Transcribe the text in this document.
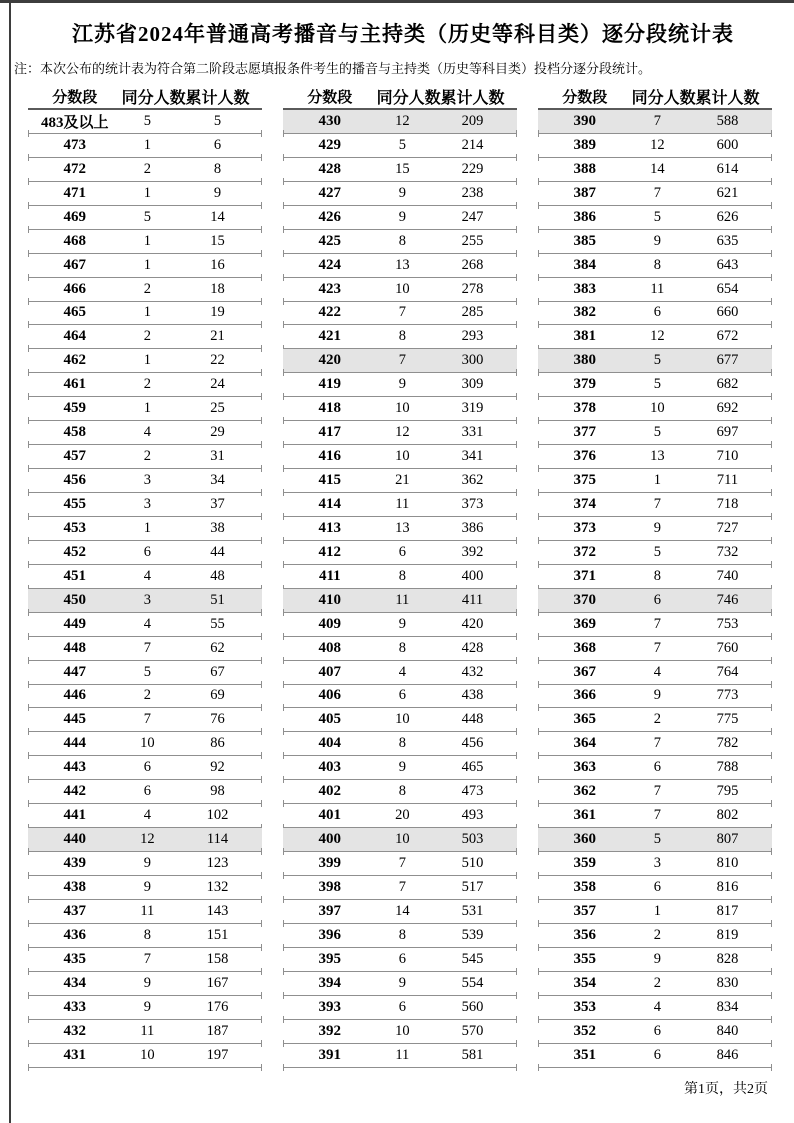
江苏省2024年普通高考播音与主持类（历史等科目类）逐分段统计表
注：本次公布的统计表为符合第二阶段志愿填报条件考生的播音与主持类（历史等科目类）投档分逐分段统计。
分数段	同分人数 累计人数
483及以上	5	5
473	1	6
472	2	8
471	1	9
469	5	14
468	1	15
467	1	16
466	2	18
465	1	19
464	2	21
462	1	22
461	2	24
459	1	25
458	4	29
457	2	31
456	3	34
455	3	37
453	1	38
452	6	44
451	4	48
450	3	51
449	4	55
448	7	62
447	5	67
446	2	69
445	7	76
444	10	86
443	6	92
442	6	98
441	4	102
440	12	114
439	9	123
438	9	132
437	11	143
436	8	151
435	7	158
434	9	167
433	9	176
432	11	187
431	10	197
分数段	同分人数 累计人数
430	12	209
429	5	214
428	15	229
427	9	238
426	9	247
425	8	255
424	13	268
423	10	278
422	7	285
421	8	293
420	7	300
419	9	309
418	10	319
417	12	331
416	10	341
415	21	362
414	11	373
413	13	386
412	6	392
411	8	400
410	11	411
409	9	420
408	8	428
407	4	432
406	6	438
405	10	448
404	8	456
403	9	465
402	8	473
401	20	493
400	10	503
399	7	510
398	7	517
397	14	531
396	8	539
395	6	545
394	9	554
393	6	560
392	10	570
391	11	581
分数段	同分人数 累计人数
390	7	588
389	12	600
388	14	614
387	7	621
386	5	626
385	9	635
384	8	643
383	11	654
382	6	660
381	12	672
380	5	677
379	5	682
378	10	692
377	5	697
376	13	710
375	1	711
374	7	718
373	9	727
372	5	732
371	8	740
370	6	746
369	7	753
368	7	760
367	4	764
366	9	773
365	2	775
364	7	782
363	6	788
362	7	795
361	7	802
360	5	807
359	3	810
358	6	816
357	1	817
356	2	819
355	9	828
354	2	830
353	4	834
352	6	840
351	6	846
第1页，共2页
